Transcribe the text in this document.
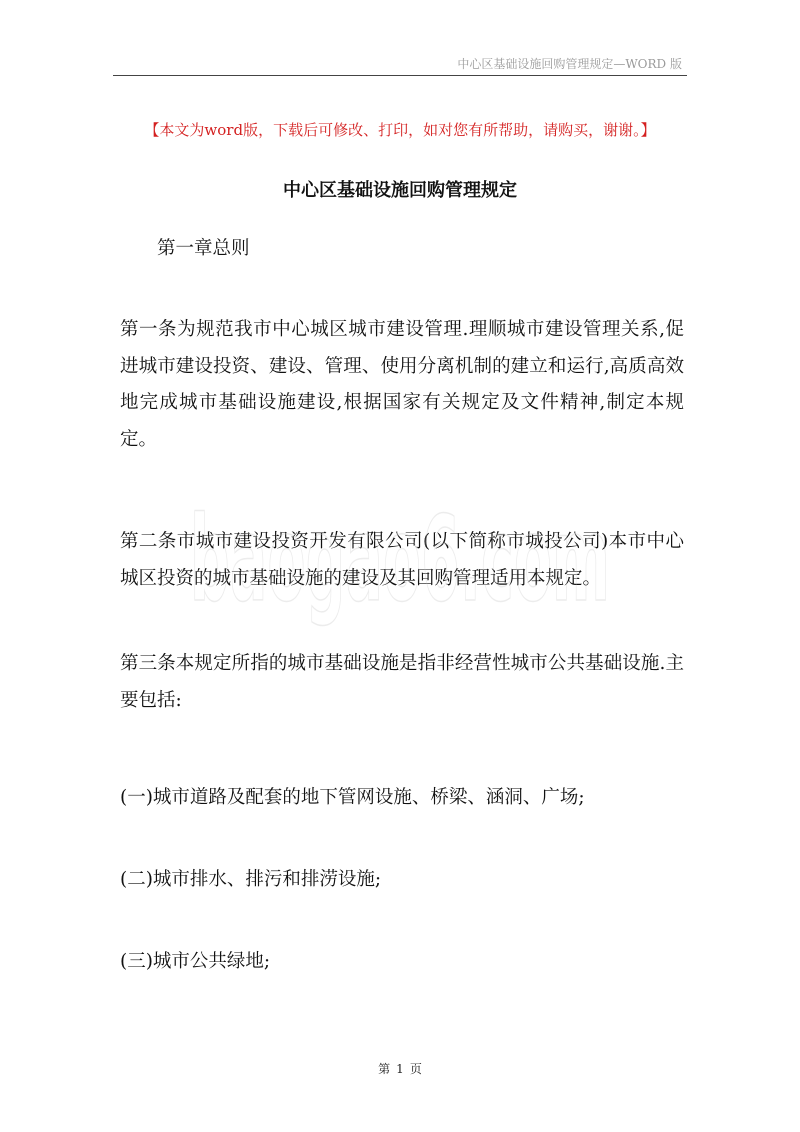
中心区基础设施回购管理规定—WORD 版
【本文为word版，下载后可修改、打印，如对您有所帮助，请购买，谢谢。】
中心区基础设施回购管理规定

第一章总则

第一条为规范我市中心城区城市建设管理.理顺城市建设管理关系,促进城市建设投资、建设、管理、使用分离机制的建立和运行,高质高效地完成城市基础设施建设,根据国家有关规定及文件精神,制定本规定。

第二条市城市建设投资开发有限公司(以下简称市城投公司)本市中心城区投资的城市基础设施的建设及其回购管理适用本规定。

第三条本规定所指的城市基础设施是指非经营性城市公共基础设施.主要包括:

(一)城市道路及配套的地下管网设施、桥梁、涵洞、广场;

(二)城市排水、排污和排涝设施;

(三)城市公共绿地;

baogao6.com
第 1 页
